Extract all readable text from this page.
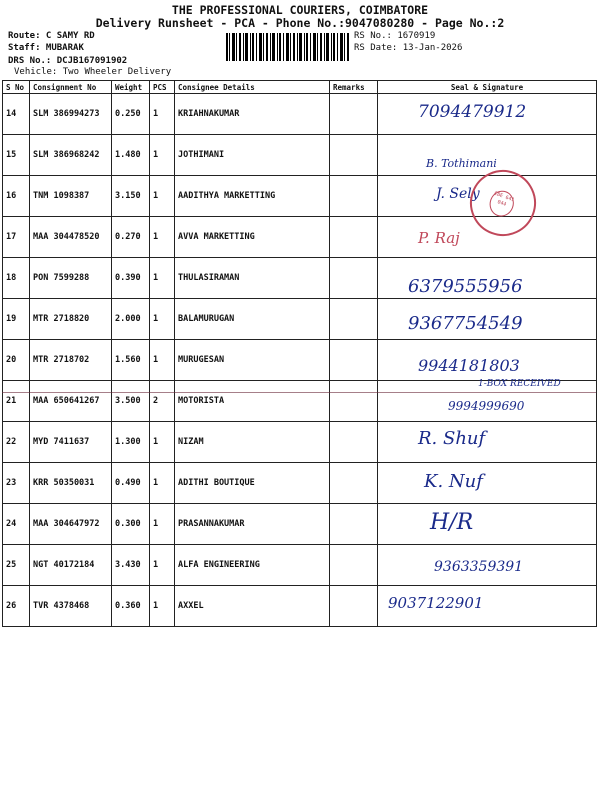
THE PROFESSIONAL COURIERS, COIMBATORE
Delivery Runsheet - PCA - Phone No.:9047080280 - Page No.:2
Route: C SAMY RD
Staff: MUBARAK
DRS No.: DCJB167091902
Vehicle: Two Wheeler Delivery
RS No.: 1670919
RS Date: 13-Jan-2026
S No	Consignment No	Weight	PCS	Consignee Details	Remarks	Seal & Signature
14	SLM 386994273	0.250	1	KRIAHNAKUMAR		7094479912

15	SLM 386968242	1.480	1	JOTHIMANI		B. Tothimani

16	TNM 1098387	3.150	1	AADITHYA MARKETTING		J. Sely

17	MAA 304478520	0.270	1	AVVA MARKETTING		P. Raj

18	PON 7599288	0.390	1	THULASIRAMAN		6379555956

19	MTR 2718820	2.000	1	BALAMURUGAN		9367754549

20	MTR 2718702	1.560	1	MURUGESAN		9944181803

21	MAA 650641267	3.500	2	MOTORISTA		9994999690

22	MYD 7411637	1.300	1	NIZAM		R. Shuf

23	KRR 50350031	0.490	1	ADITHI BOUTIQUE		K. Nuf

24	MAA 304647972	0.300	1	PRASANNAKUMAR		H/R

25	NGT 40172184	3.430	1	ALFA ENGINEERING		9363359391

26	TVR 4378468	0.360	1	AXXEL		9037122901
1-BOX RECEIVED
CBE 641 044
